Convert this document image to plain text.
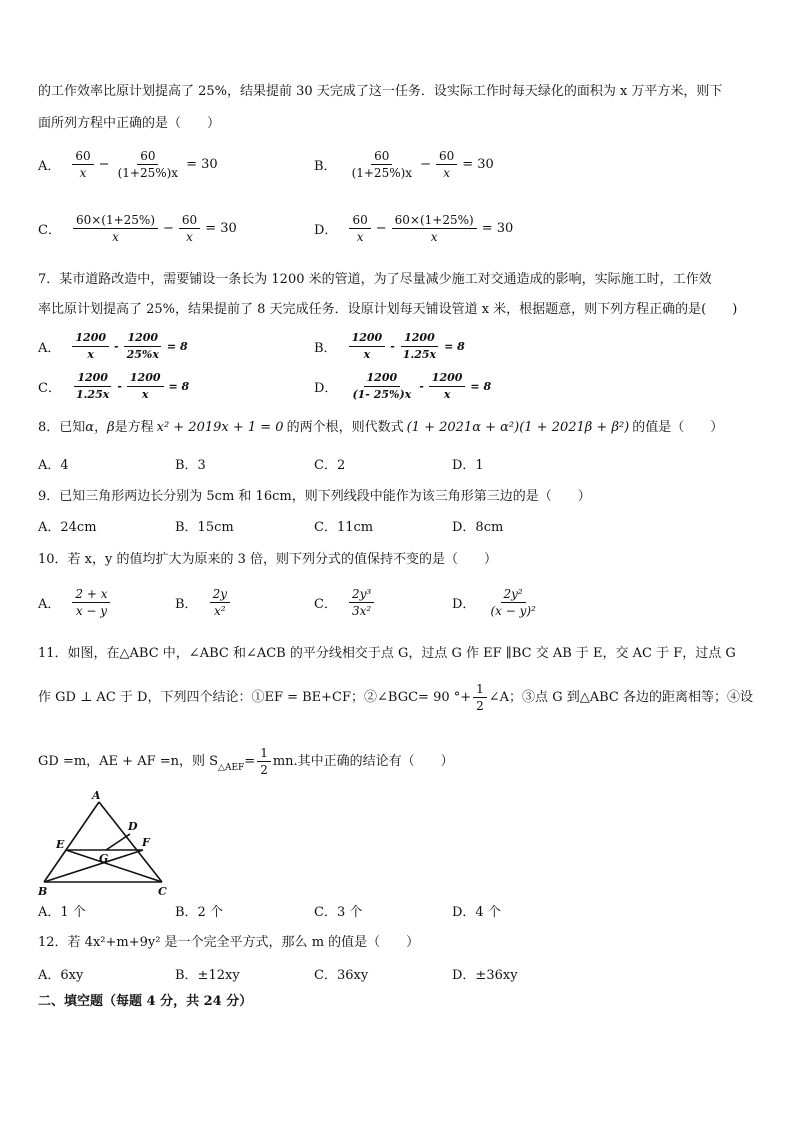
的工作效率比原计划提高了 25%，结果提前 30 天完成了这一任务．设实际工作时每天绿化的面积为 x 万平方米，则下
面所列方程中正确的是（　　）
A． $\frac{60}{x} - \frac{60}{(1+25\%)x} = 30$	B． $\frac{60}{(1+25\%)x} - \frac{60}{x} = 30$
C． $\frac{60\times(1+25\%)}{x} - \frac{60}{x} = 30$	D． $\frac{60}{x} - \frac{60\times(1+25\%)}{x} = 30$
7．某市道路改造中，需要铺设一条长为 1200 米的管道，为了尽量减少施工对交通造成的影响，实际施工时，工作效
率比原计划提高了 25%，结果提前了 8 天完成任务．设原计划每天铺设管道 x 米，根据题意，则下列方程正确的是(　　)
A． $\frac{1200}{x} - \frac{1200}{25\%x} = 8$	B． $\frac{1200}{x} - \frac{1200}{1.25x} = 8$
C． $\frac{1200}{1.25x} - \frac{1200}{x} = 8$	D． $\frac{1200}{(1- 25\%)x} - \frac{1200}{x} = 8$
8．已知α，β是方程 x² + 2019x + 1 = 0 的两个根，则代数式 (1 + 2021α + α²)(1 + 2021β + β²) 的值是（　　）
A．4	B．3	C．2	D．1
9．已知三角形两边长分别为 5cm 和 16cm，则下列线段中能作为该三角形第三边的是（　　）
A．24cm	B．15cm	C．11cm	D．8cm
10．若 x，y 的值均扩大为原来的 3 倍，则下列分式的值保持不变的是（　　）
A． $\frac{2 + x}{x - y}$	B． $\frac{2y}{\text{x²}}$	C． $\frac{\text{2y³}}{\text{3x²}}$	D． $\frac{\text{2y²}}{\text{(x − y)²}}$
11．如图，在△ABC 中，∠ABC 和∠ACB 的平分线相交于点 G，过点 G 作 EF ∥BC 交 AB 于 E，交 AC 于 F，过点 G
作 GD ⊥ AC 于 D，下列四个结论：①EF = BE+CF；②∠BGC= 90 °+ $\frac{1}{2}$ ∠A；③点 G 到△ABC 各边的距离相等；④设
GD =m，AE + AF =n，则 $S_{\triangle AEF} = \frac{1}{2}$ mn.其中正确的结论有（　　）
A
B	C
D
E	F
G
A．1 个	B．2 个	C．3 个	D．4 个
12．若 4x²+m+9y² 是一个完全平方式，那么 m 的值是（　　）
A．6xy	B．±12xy	C．36xy	D．±36xy
二、填空题（每题 4 分，共 24 分）
